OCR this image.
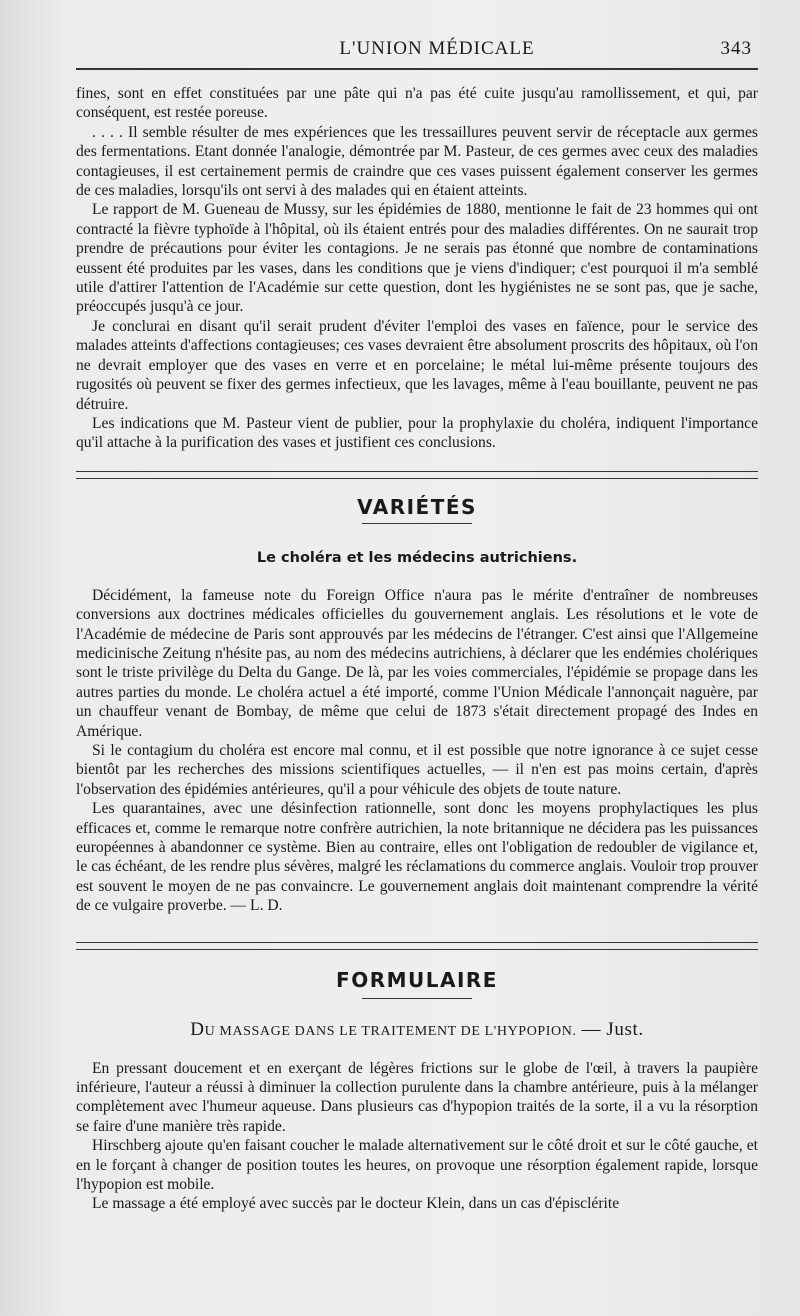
L'UNION MÉDICALE	343

fines, sont en effet constituées par une pâte qui n'a pas été cuite jusqu'au ramollissement, et qui, par conséquent, est restée poreuse.

. . . . Il semble résulter de mes expériences que les tressaillures peuvent servir de réceptacle aux germes des fermentations. Etant donnée l'analogie, démontrée par M. Pasteur, de ces germes avec ceux des maladies contagieuses, il est certainement permis de craindre que ces vases puissent également conserver les germes de ces maladies, lorsqu'ils ont servi à des malades qui en étaient atteints.

Le rapport de M. Gueneau de Mussy, sur les épidémies de 1880, mentionne le fait de 23 hommes qui ont contracté la fièvre typhoïde à l'hôpital, où ils étaient entrés pour des maladies différentes. On ne saurait trop prendre de précautions pour éviter les contagions. Je ne serais pas étonné que nombre de contaminations eussent été produites par les vases, dans les conditions que je viens d'indiquer; c'est pourquoi il m'a semblé utile d'attirer l'attention de l'Académie sur cette question, dont les hygiénistes ne se sont pas, que je sache, préoccupés jusqu'à ce jour.

Je conclurai en disant qu'il serait prudent d'éviter l'emploi des vases en faïence, pour le service des malades atteints d'affections contagieuses; ces vases devraient être absolument proscrits des hôpitaux, où l'on ne devrait employer que des vases en verre et en porcelaine; le métal lui-même présente toujours des rugosités où peuvent se fixer des germes infectieux, que les lavages, même à l'eau bouillante, peuvent ne pas détruire.

Les indications que M. Pasteur vient de publier, pour la prophylaxie du choléra, indiquent l'importance qu'il attache à la purification des vases et justifient ces conclusions.

VARIÉTÉS
Le choléra et les médecins autrichiens.

Décidément, la fameuse note du Foreign Office n'aura pas le mérite d'entraîner de nombreuses conversions aux doctrines médicales officielles du gouvernement anglais. Les résolutions et le vote de l'Académie de médecine de Paris sont approuvés par les médecins de l'étranger. C'est ainsi que l'Allgemeine medicinische Zeitung n'hésite pas, au nom des médecins autrichiens, à déclarer que les endémies cholériques sont le triste privilège du Delta du Gange. De là, par les voies commerciales, l'épidémie se propage dans les autres parties du monde. Le choléra actuel a été importé, comme l'Union Médicale l'annonçait naguère, par un chauffeur venant de Bombay, de même que celui de 1873 s'était directement propagé des Indes en Amérique.

Si le contagium du choléra est encore mal connu, et il est possible que notre ignorance à ce sujet cesse bientôt par les recherches des missions scientifiques actuelles, — il n'en est pas moins certain, d'après l'observation des épidémies antérieures, qu'il a pour véhicule des objets de toute nature.

Les quarantaines, avec une désinfection rationnelle, sont donc les moyens prophylactiques les plus efficaces et, comme le remarque notre confrère autrichien, la note britannique ne décidera pas les puissances européennes à abandonner ce système. Bien au contraire, elles ont l'obligation de redoubler de vigilance et, le cas échéant, de les rendre plus sévères, malgré les réclamations du commerce anglais. Vouloir trop prouver est souvent le moyen de ne pas convaincre. Le gouvernement anglais doit maintenant comprendre la vérité de ce vulgaire proverbe. — L. D.

FORMULAIRE
DU MASSAGE DANS LE TRAITEMENT DE L'HYPOPION. — Just.

En pressant doucement et en exerçant de légères frictions sur le globe de l'œil, à travers la paupière inférieure, l'auteur a réussi à diminuer la collection purulente dans la chambre antérieure, puis à la mélanger complètement avec l'humeur aqueuse. Dans plusieurs cas d'hypopion traités de la sorte, il a vu la résorption se faire d'une manière très rapide.

Hirschberg ajoute qu'en faisant coucher le malade alternativement sur le côté droit et sur le côté gauche, et en le forçant à changer de position toutes les heures, on provoque une résorption également rapide, lorsque l'hypopion est mobile.

Le massage a été employé avec succès par le docteur Klein, dans un cas d'épisclérite
